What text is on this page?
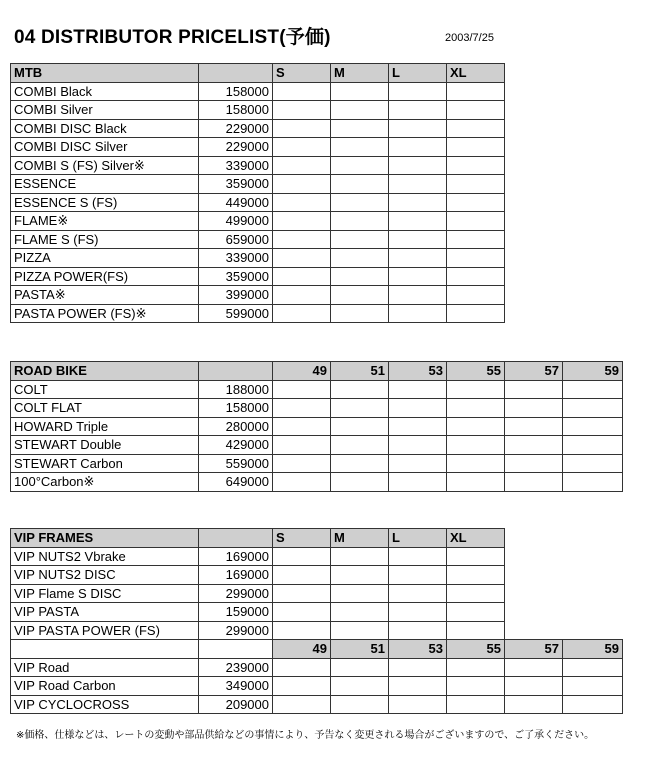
04 DISTRIBUTOR PRICELIST(予価)	2003/7/25
MTB		S	M	L	XL
COMBI Black	158000				
COMBI Silver	158000				
COMBI DISC Black	229000				
COMBI DISC Silver	229000				
COMBI S (FS) Silver※	339000				
ESSENCE	359000				
ESSENCE S (FS)	449000				
FLAME※	499000				
FLAME S (FS)	659000				
PIZZA	339000				
PIZZA POWER(FS)	359000				
PASTA※	399000				
PASTA POWER (FS)※	599000				
ROAD BIKE		49	51	53	55	57	59
COLT	188000						
COLT FLAT	158000						
HOWARD Triple	280000						
STEWART Double	429000						
STEWART Carbon	559000						
100°Carbon※	649000						
VIP FRAMES		S	M	L	XL		
VIP NUTS2 Vbrake	169000						
VIP NUTS2 DISC	169000						
VIP Flame S DISC	299000						
VIP PASTA	159000						
VIP PASTA POWER (FS)	299000						
		49	51	53	55	57	59
VIP Road	239000						
VIP Road Carbon	349000						
VIP CYCLOCROSS	209000						
※価格、仕様などは、レートの変動や部品供給などの事情により、予告なく変更される場合がございますので、ご了承ください。
